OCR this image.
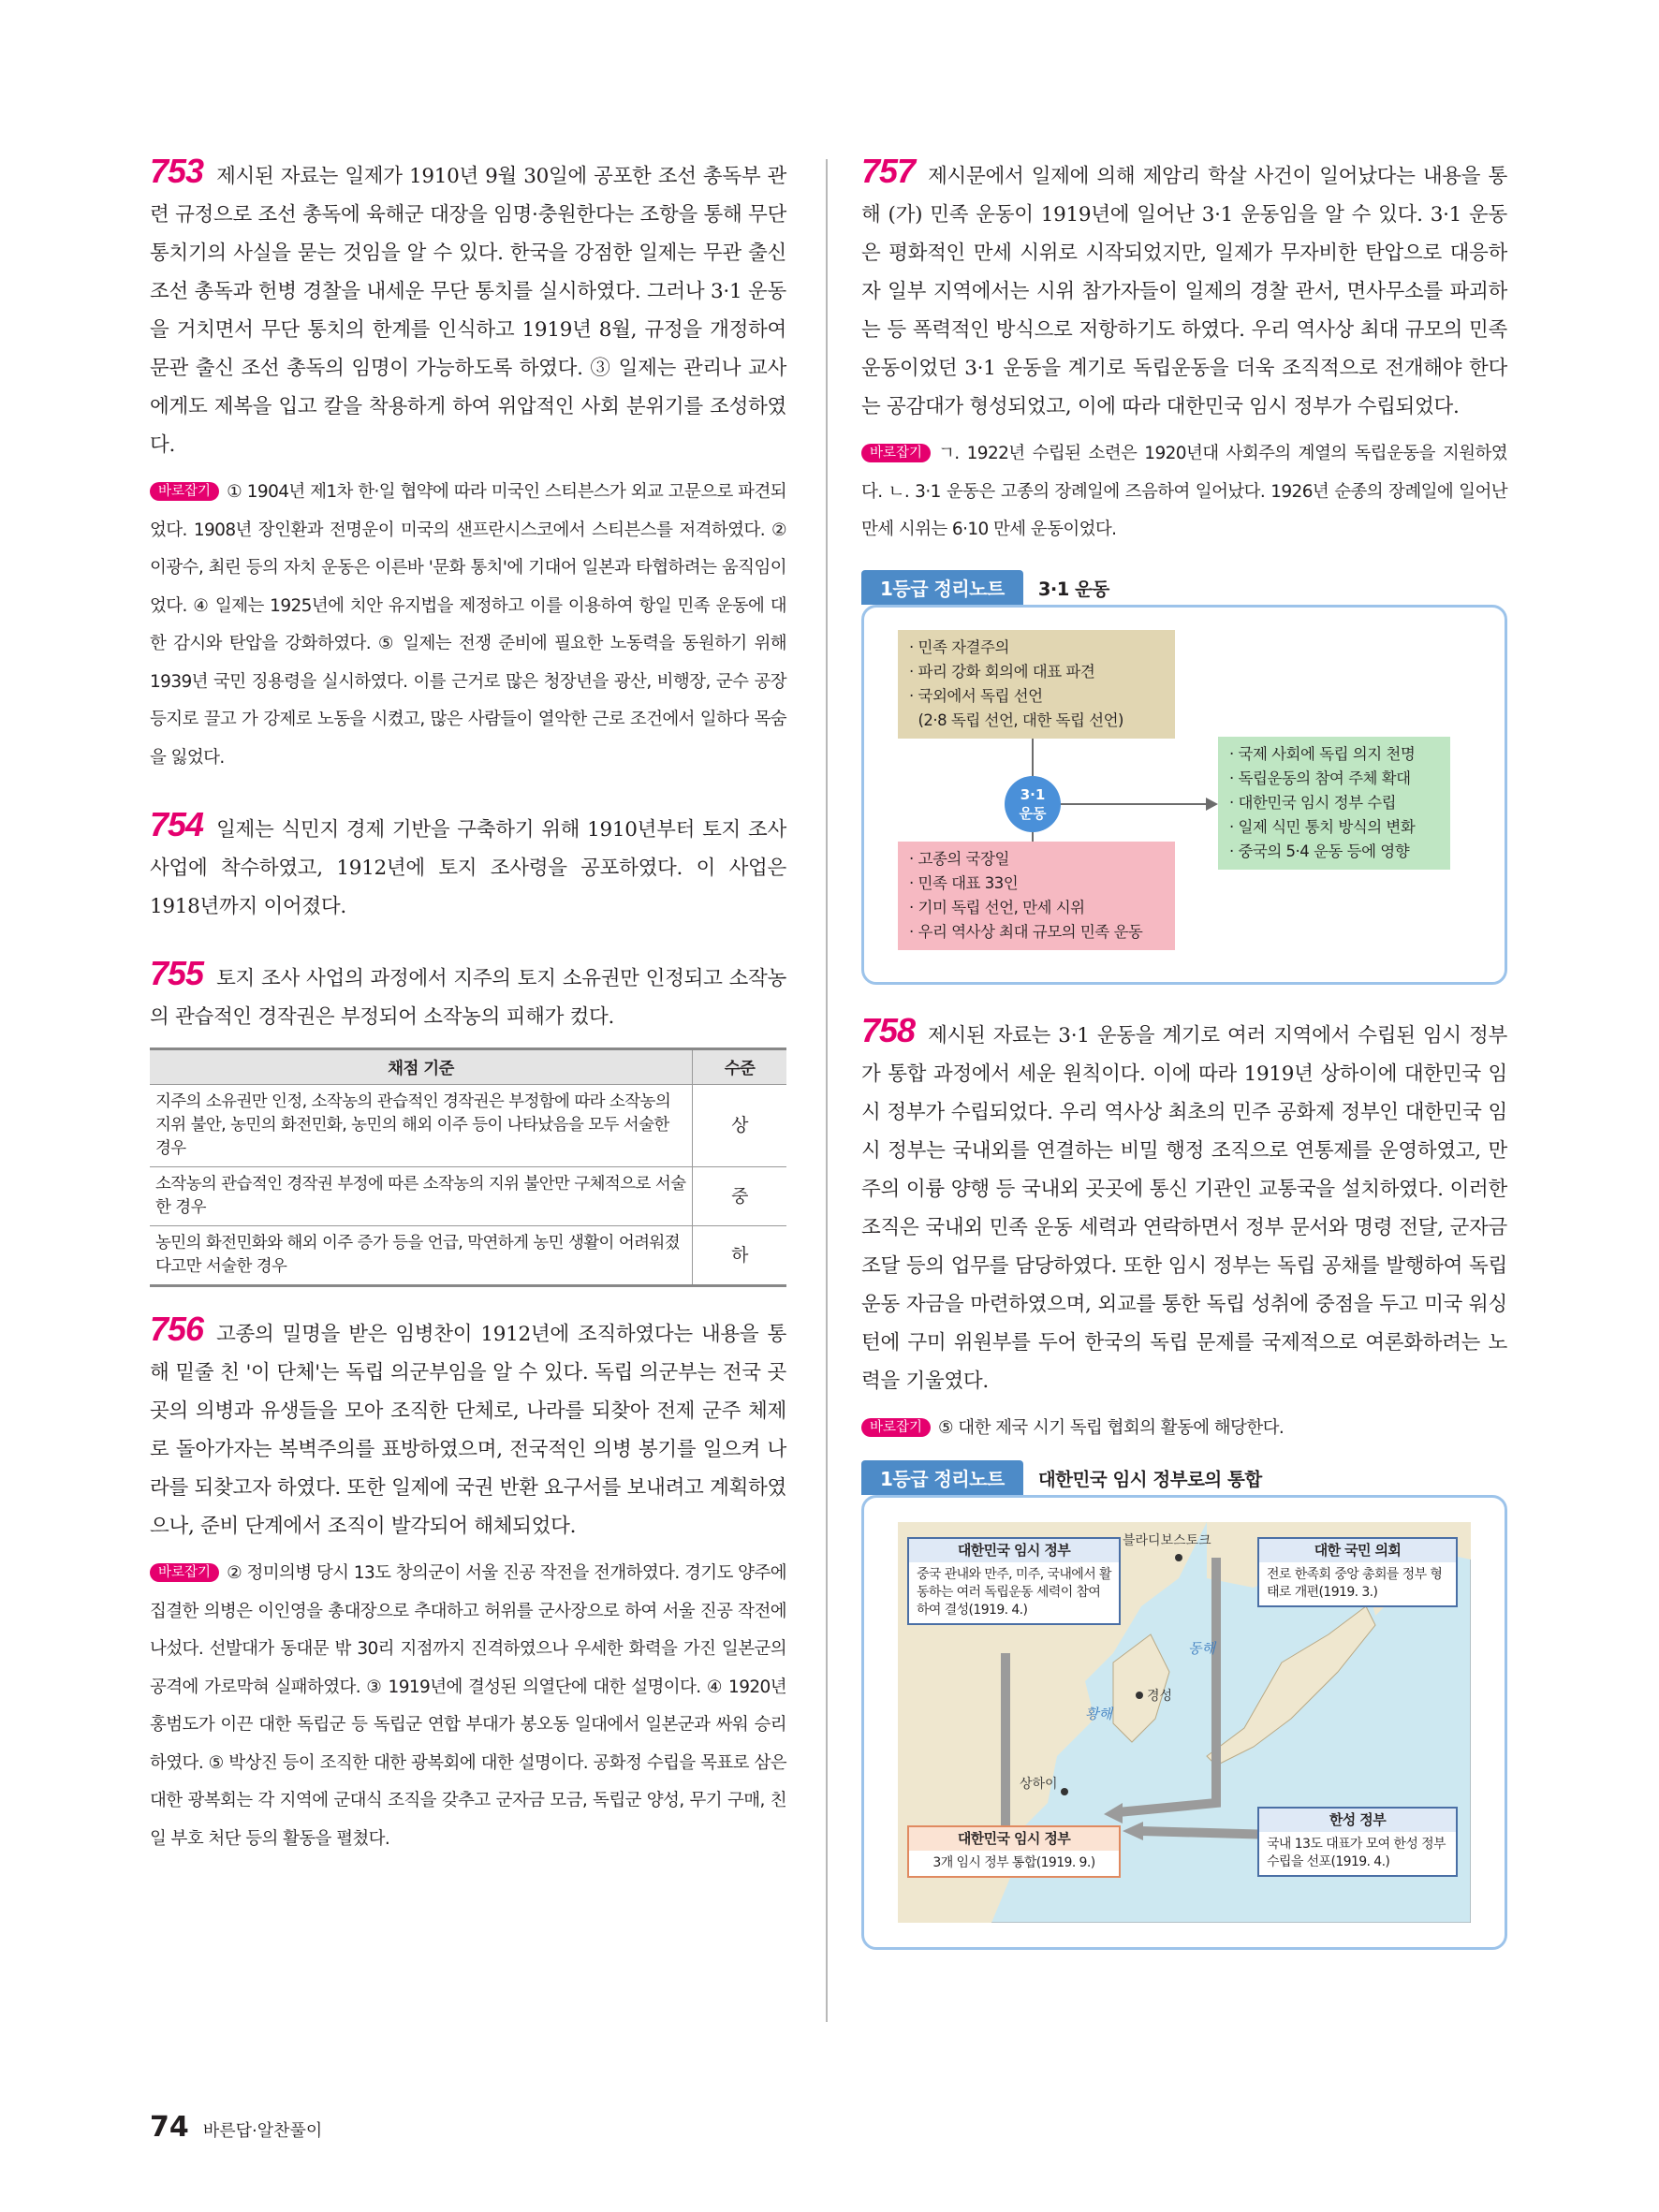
753 제시된 자료는 일제가 1910년 9월 30일에 공포한 조선 총독부 관련 규정으로 조선 총독에 육해군 대장을 임명·충원한다는 조항을 통해 무단 통치기의 사실을 묻는 것임을 알 수 있다. 한국을 강점한 일제는 무관 출신 조선 총독과 헌병 경찰을 내세운 무단 통치를 실시하였다. 그러나 3·1 운동을 거치면서 무단 통치의 한계를 인식하고 1919년 8월, 규정을 개정하여 문관 출신 조선 총독의 임명이 가능하도록 하였다. ③ 일제는 관리나 교사에게도 제복을 입고 칼을 착용하게 하여 위압적인 사회 분위기를 조성하였다.

바로잡기 ① 1904년 제1차 한·일 협약에 따라 미국인 스티븐스가 외교 고문으로 파견되었다. 1908년 장인환과 전명운이 미국의 샌프란시스코에서 스티븐스를 저격하였다. ② 이광수, 최린 등의 자치 운동은 이른바 '문화 통치'에 기대어 일본과 타협하려는 움직임이었다. ④ 일제는 1925년에 치안 유지법을 제정하고 이를 이용하여 항일 민족 운동에 대한 감시와 탄압을 강화하였다. ⑤ 일제는 전쟁 준비에 필요한 노동력을 동원하기 위해 1939년 국민 징용령을 실시하였다. 이를 근거로 많은 청장년을 광산, 비행장, 군수 공장 등지로 끌고 가 강제로 노동을 시켰고, 많은 사람들이 열악한 근로 조건에서 일하다 목숨을 잃었다.

754 일제는 식민지 경제 기반을 구축하기 위해 1910년부터 토지 조사 사업에 착수하였고, 1912년에 토지 조사령을 공포하였다. 이 사업은 1918년까지 이어졌다.

755 토지 조사 사업의 과정에서 지주의 토지 소유권만 인정되고 소작농의 관습적인 경작권은 부정되어 소작농의 피해가 컸다.

채점 기준	수준
지주의 소유권만 인정, 소작농의 관습적인 경작권은 부정함에 따라 소작농의 지위 불안, 농민의 화전민화, 농민의 해외 이주 등이 나타났음을 모두 서술한 경우	상
소작농의 관습적인 경작권 부정에 따른 소작농의 지위 불안만 구체적으로 서술한 경우	중
농민의 화전민화와 해외 이주 증가 등을 언급, 막연하게 농민 생활이 어려워졌다고만 서술한 경우	하

756 고종의 밀명을 받은 임병찬이 1912년에 조직하였다는 내용을 통해 밑줄 친 '이 단체'는 독립 의군부임을 알 수 있다. 독립 의군부는 전국 곳곳의 의병과 유생들을 모아 조직한 단체로, 나라를 되찾아 전제 군주 체제로 돌아가자는 복벽주의를 표방하였으며, 전국적인 의병 봉기를 일으켜 나라를 되찾고자 하였다. 또한 일제에 국권 반환 요구서를 보내려고 계획하였으나, 준비 단계에서 조직이 발각되어 해체되었다.

바로잡기 ② 정미의병 당시 13도 창의군이 서울 진공 작전을 전개하였다. 경기도 양주에 집결한 의병은 이인영을 총대장으로 추대하고 허위를 군사장으로 하여 서울 진공 작전에 나섰다. 선발대가 동대문 밖 30리 지점까지 진격하였으나 우세한 화력을 가진 일본군의 공격에 가로막혀 실패하였다. ③ 1919년에 결성된 의열단에 대한 설명이다. ④ 1920년 홍범도가 이끈 대한 독립군 등 독립군 연합 부대가 봉오동 일대에서 일본군과 싸워 승리하였다. ⑤ 박상진 등이 조직한 대한 광복회에 대한 설명이다. 공화정 수립을 목표로 삼은 대한 광복회는 각 지역에 군대식 조직을 갖추고 군자금 모금, 독립군 양성, 무기 구매, 친일 부호 처단 등의 활동을 펼쳤다.

757 제시문에서 일제에 의해 제암리 학살 사건이 일어났다는 내용을 통해 (가) 민족 운동이 1919년에 일어난 3·1 운동임을 알 수 있다. 3·1 운동은 평화적인 만세 시위로 시작되었지만, 일제가 무자비한 탄압으로 대응하자 일부 지역에서는 시위 참가자들이 일제의 경찰 관서, 면사무소를 파괴하는 등 폭력적인 방식으로 저항하기도 하였다. 우리 역사상 최대 규모의 민족 운동이었던 3·1 운동을 계기로 독립운동을 더욱 조직적으로 전개해야 한다는 공감대가 형성되었고, 이에 따라 대한민국 임시 정부가 수립되었다.

바로잡기 ㄱ. 1922년 수립된 소련은 1920년대 사회주의 계열의 독립운동을 지원하였다. ㄴ. 3·1 운동은 고종의 장례일에 즈음하여 일어났다. 1926년 순종의 장례일에 일어난 만세 시위는 6·10 만세 운동이었다.

1등급 정리노트 3·1 운동
· 민족 자결주의
· 파리 강화 회의에 대표 파견
· 국외에서 독립 선언
(2·8 독립 선언, 대한 독립 선언)
3·1
운동
· 고종의 국장일
· 민족 대표 33인
· 기미 독립 선언, 만세 시위
· 우리 역사상 최대 규모의 민족 운동
· 국제 사회에 독립 의지 천명
· 독립운동의 참여 주체 확대
· 대한민국 임시 정부 수립
· 일제 식민 통치 방식의 변화
· 중국의 5·4 운동 등에 영향

758 제시된 자료는 3·1 운동을 계기로 여러 지역에서 수립된 임시 정부가 통합 과정에서 세운 원칙이다. 이에 따라 1919년 상하이에 대한민국 임시 정부가 수립되었다. 우리 역사상 최초의 민주 공화제 정부인 대한민국 임시 정부는 국내외를 연결하는 비밀 행정 조직으로 연통제를 운영하였고, 만주의 이륭 양행 등 국내외 곳곳에 통신 기관인 교통국을 설치하였다. 이러한 조직은 국내외 민족 운동 세력과 연락하면서 정부 문서와 명령 전달, 군자금 조달 등의 업무를 담당하였다. 또한 임시 정부는 독립 공채를 발행하여 독립운동 자금을 마련하였으며, 외교를 통한 독립 성취에 중점을 두고 미국 워싱턴에 구미 위원부를 두어 한국의 독립 문제를 국제적으로 여론화하려는 노력을 기울였다.

바로잡기 ⑤ 대한 제국 시기 독립 협회의 활동에 해당한다.

1등급 정리노트 대한민국 임시 정부로의 통합
블라디보스토크
경성
상하이
동해
황해
대한민국 임시 정부
중국 관내와 만주, 미주, 국내에서 활동하는 여러 독립운동 세력이 참여하여 결성(1919. 4.)
대한 국민 의회
전로 한족회 중앙 총회를 정부 형태로 개편(1919. 3.)
한성 정부
국내 13도 대표가 모여 한성 정부 수립을 선포(1919. 4.)
대한민국 임시 정부
3개 임시 정부 통합(1919. 9.)
74 바른답·알찬풀이
